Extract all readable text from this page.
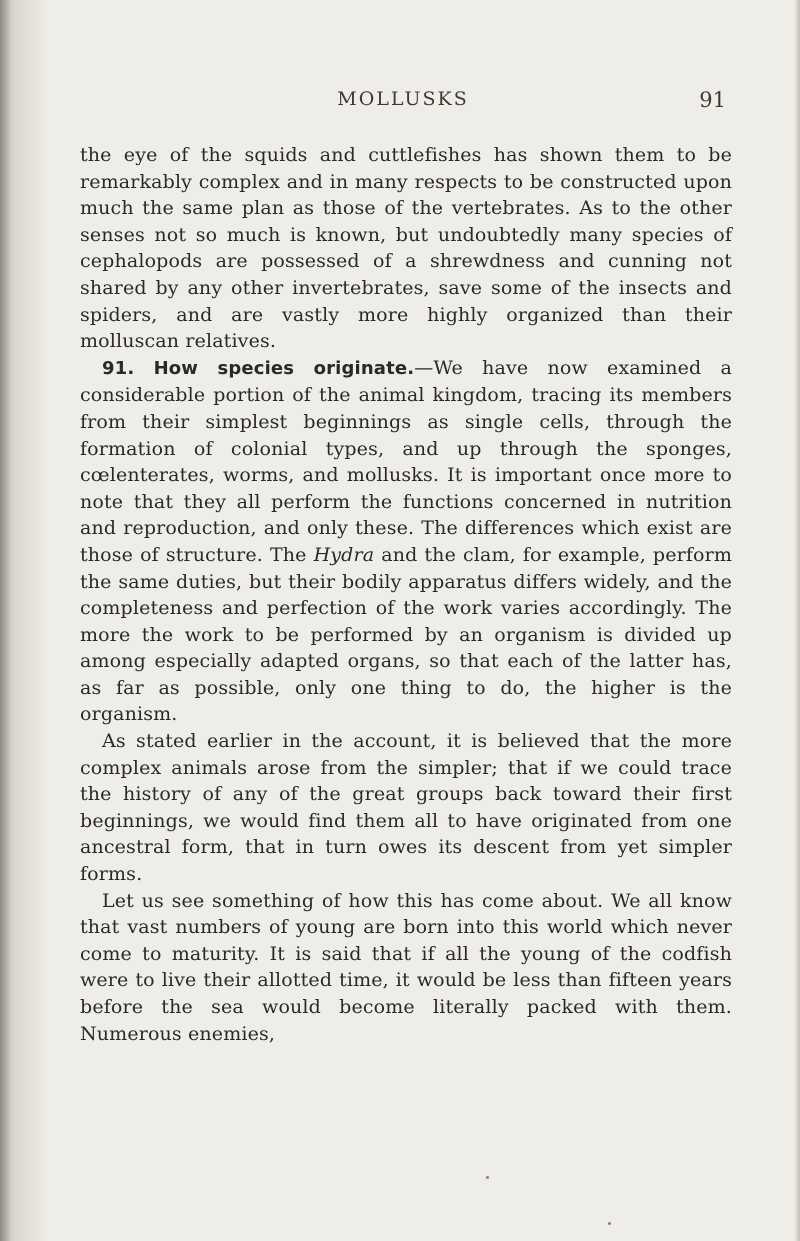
MOLLUSKS	91

the eye of the squids and cuttlefishes has shown them to be remarkably complex and in many respects to be constructed upon much the same plan as those of the vertebrates. As to the other senses not so much is known, but undoubtedly many species of cephalopods are possessed of a shrewdness and cunning not shared by any other invertebrates, save some of the insects and spiders, and are vastly more highly organized than their molluscan relatives.

91. How species originate.—We have now examined a considerable portion of the animal kingdom, tracing its members from their simplest beginnings as single cells, through the formation of colonial types, and up through the sponges, cœlenterates, worms, and mollusks. It is important once more to note that they all perform the functions concerned in nutrition and reproduction, and only these. The differences which exist are those of structure. The Hydra and the clam, for example, perform the same duties, but their bodily apparatus differs widely, and the completeness and perfection of the work varies accordingly. The more the work to be performed by an organism is divided up among especially adapted organs, so that each of the latter has, as far as possible, only one thing to do, the higher is the organism.

As stated earlier in the account, it is believed that the more complex animals arose from the simpler; that if we could trace the history of any of the great groups back toward their first beginnings, we would find them all to have originated from one ancestral form, that in turn owes its descent from yet simpler forms.

Let us see something of how this has come about. We all know that vast numbers of young are born into this world which never come to maturity. It is said that if all the young of the codfish were to live their allotted time, it would be less than fifteen years before the sea would become literally packed with them. Numerous enemies,
